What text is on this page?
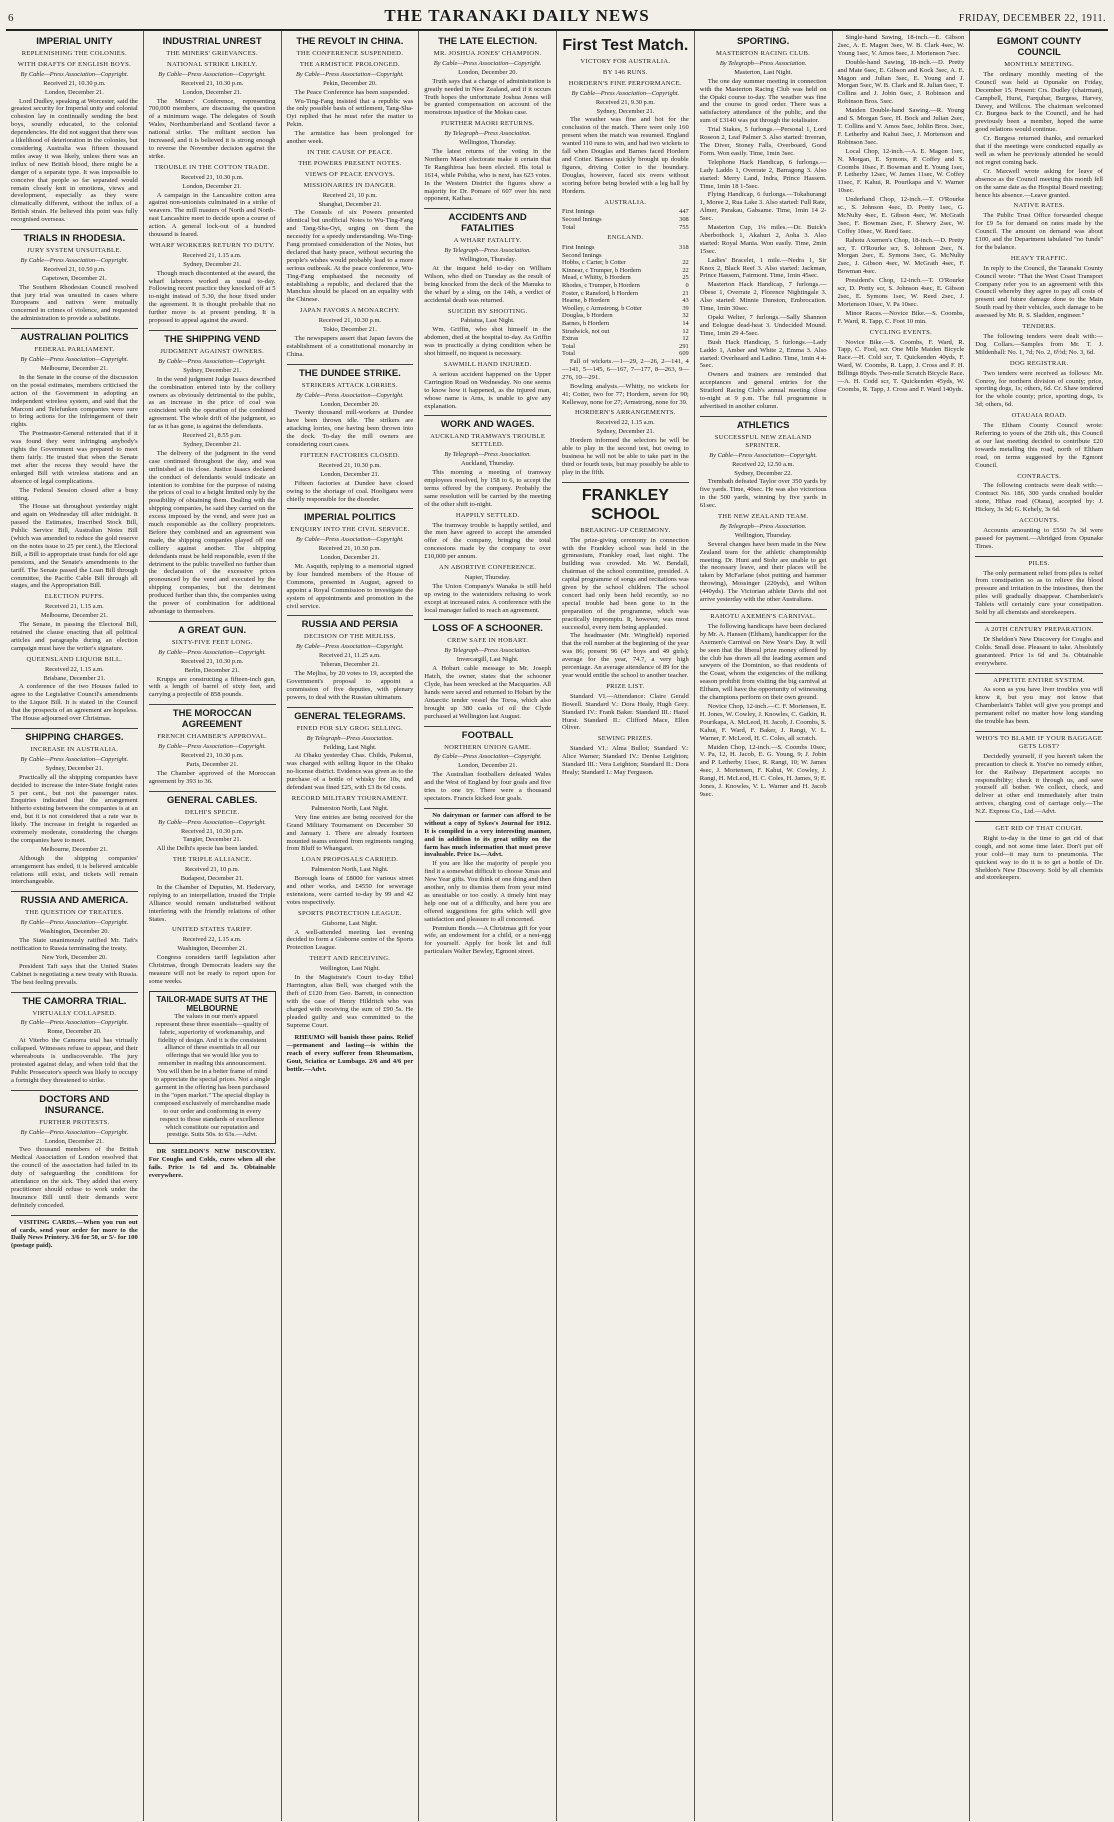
6	THE TARANAKI DAILY NEWS	FRIDAY, DECEMBER 22, 1911.
IMPERIAL UNITY
REPLENISHING THE COLONIES.
WITH DRAFTS OF ENGLISH BOYS.
By Cable—Press Association—Copyright.
Received 21, 10.30 p.m.
London, December 21.

Lord Dudley, speaking at Worcester, said the greatest security for Imperial unity and colonial cohesion lay in continually sending the best boys, soundly educated, to the colonial dependencies. He did not suggest that there was a likelihood of deterioration in the colonies, but considering Australia was fifteen thousand miles away it was likely, unless there was an influx of new British blood, there might be a danger of a separate type. It was impossible to conceive that people so far separated would remain closely knit in emotions, views and development, especially as they were climatically different, without the influx of a British strain. He believed this point was fully recognised overseas.

TRIALS IN RHODESIA.
JURY SYSTEM UNSUITABLE.
By Cable—Press Association—Copyright.
Received 21, 10.50 p.m.
Capetown, December 21.

The Southern Rhodesian Council resolved that jury trial was unsuited in cases where Europeans and natives were mutually concerned in crimes of violence, and requested the administration to provide a substitute.

AUSTRALIAN POLITICS
FEDERAL PARLIAMENT.
By Cable—Press Association—Copyright.
Melbourne, December 21.

In the Senate in the course of the discussion on the postal estimates, members criticised the action of the Government in adopting an independent wireless system, and said that the Marconi and Telefunken companies were sure to bring actions for the infringement of their rights.

The Postmaster-General reiterated that if it was found they were infringing anybody's rights the Government was prepared to meet them fairly. He trusted that when the Senate met after the recess they would have the enlarged Bill with wireless stations and an absence of legal complications.

The Federal Session closed after a busy sitting.

The House sat throughout yesterday night and again on Wednesday till after midnight. It passed the Estimates, Inscribed Stock Bill, Public Service Bill, Australian Notes Bill (which was amended to reduce the gold reserve on the notes issue to 25 per cent.), the Electoral Bill, a Bill to appropriate trust funds for old age pensions, and the Senate's amendments to the tariff. The Senate passed the Loan Bill through committee, the Pacific Cable Bill through all stages, and the Appropriation Bill.

ELECTION PUFFS.
Received 21, 1.15 a.m.
Melbourne, December 21.

The Senate, in passing the Electoral Bill, retained the clause enacting that all political articles and paragraphs during an election campaign must have the writer's signature.

QUEENSLAND LIQUOR BILL.
Received 22, 1.15 a.m.
Brisbane, December 21.

A conference of the two Houses failed to agree to the Legislative Council's amendments to the Liquor Bill. It is stated in the Council that the prospects of an agreement are hopeless. The House adjourned over Christmas.

SHIPPING CHARGES.
INCREASE IN AUSTRALIA.
By Cable—Press Association—Copyright.
Sydney, December 21.

Practically all the shipping companies have decided to increase the inter-State freight rates 5 per cent., but not the passenger rates. Enquiries indicated that the arrangement hitherto existing between the companies is at an end, but it is not considered that a rate war is likely. The increase in freight is regarded as extremely moderate, considering the charges the companies have to meet.

Melbourne, December 21.

Although the shipping companies' arrangement has ended, it is believed amicable relations still exist, and tickets will remain interchangeable.

RUSSIA AND AMERICA.
THE QUESTION OF TREATIES.
By Cable—Press Association—Copyright.
Washington, December 20.

The State unanimously ratified Mr. Taft's notification to Russia terminating the treaty.

New York, December 20.

President Taft says that the United States Cabinet is negotiating a new treaty with Russia. The best feeling prevails.

THE CAMORRA TRIAL.
VIRTUALLY COLLAPSED.
By Cable—Press Association—Copyright.
Rome, December 20.

At Viterbo the Camorra trial has virtually collapsed. Witnesses refuse to appear, and their whereabouts is undiscoverable. The jury protested against delay, and when told that the Public Prosecutor's speech was likely to occupy a fortnight they threatened to strike.

DOCTORS AND INSURANCE.
FURTHER PROTESTS.
By Cable—Press Association—Copyright.
London, December 21.

Two thousand members of the British Medical Association of London resolved that the council of the association had failed in its duty of safeguarding the conditions for attendance on the sick. They added that every practitioner should refuse to work under the Insurance Bill until their demands were definitely conceded.

VISITING CARDS.—When you run out of cards, send your order for more to the Daily News Printery. 3/6 for 50, or 5/- for 100 (postage paid).

INDUSTRIAL UNREST
THE MINERS' GRIEVANCES.
NATIONAL STRIKE LIKELY.
By Cable—Press Association—Copyright.
Received 21, 10.30 p.m.
London, December 21.

The Miners' Conference, representing 700,000 members, are discussing the question of a minimum wage. The delegates of South Wales, Northumberland and Scotland favor a national strike. The militant section has increased, and it is believed it is strong enough to reverse the November decision against the strike.

TROUBLE IN THE COTTON TRADE.
Received 21, 10.30 p.m.
London, December 21.

A campaign in the Lancashire cotton area against non-unionists culminated in a strike of weavers. The mill masters of North and North-east Lancashire meet to decide upon a course of action. A general lock-out of a hundred thousand is feared.

WHARF WORKERS RETURN TO DUTY.
Received 21, 1.15 a.m.
Sydney, December 21.

Though much discontented at the award, the wharf laborers worked as usual to-day. Following recent practice they knocked off at 5 to-night instead of 5.30, the hour fixed under the agreement. It is thought probable that no further move is at present pending. It is proposed to appeal against the award.

THE SHIPPING VEND
JUDGMENT AGAINST OWNERS.
By Cable—Press Association—Copyright.
Sydney, December 21.

In the vend judgment Judge Isaacs described the combination entered into by the colliery owners as obviously detrimental to the public, as an increase in the price of coal was coincident with the operation of the combined agreement. The whole drift of the judgment, so far as it has gone, is against the defendants.

Received 21, 8.55 p.m.
Sydney, December 21.

The delivery of the judgment in the vend case continued throughout the day, and was unfinished at its close. Justice Isaacs declared the conduct of defendants would indicate an intention to combine for the purpose of raising the prices of coal to a height limited only by the possibility of obtaining them. Dealing with the shipping companies, he said they carried on the excess imposed by the vend, and were just as much responsible as the colliery proprietors. Before they combined and an agreement was made, the shipping companies played off one colliery against another. The shipping defendants must be held responsible, even if the detriment to the public travelled no further than the declaration of the excessive prices pronounced by the vend and executed by the shipping companies, but the detriment produced further than this, the companies using the power of combination for additional advantage to themselves.

A GREAT GUN.
SIXTY-FIVE FEET LONG.
By Cable—Press Association—Copyright.
Received 21, 10.30 p.m.
Berlin, December 21.

Krupps are constructing a fifteen-inch gun, with a length of barrel of sixty feet, and carrying a projectile of 858 pounds.

THE MOROCCAN AGREEMENT
FRENCH CHAMBER'S APPROVAL.
By Cable—Press Association—Copyright.
Received 21, 10.30 p.m.
Paris, December 21.

The Chamber approved of the Moroccan agreement by 393 to 36.

GENERAL CABLES.
DELHI'S SPECIE.
By Cable—Press Association—Copyright.
Received 21, 10.30 p.m.
Tangier, December 21.

All the Delhi's specie has been landed.

THE TRIPLE ALLIANCE.
Received 21, 10 p.m.
Budapest, December 21.

In the Chamber of Deputies, M. Hedervary, replying to an interpellation, trusted the Triple Alliance would remain undisturbed without interfering with the friendly relations of other States.

UNITED STATES TARIFF.
Received 22, 1.15 a.m.
Washington, December 21.

Congress considers tariff legislation after Christmas, though Democrats leaders say the measure will not be ready to report upon for some weeks.

TAILOR-MADE SUITS AT THE MELBOURNE

The values in our men's apparel represent these three essentials—quality of fabric, superiority of workmanship, and fidelity of design. And it is the consistent alliance of these essentials in all our offerings that we would like you to remember in reading this announcement. You will then be in a better frame of mind to appreciate the special prices. Not a single garment in the offering has been purchased in the "open market." The special display is composed exclusively of merchandise made to our order and conforming in every respect to those standards of excellence which constitute our reputation and prestige. Suits 50s. to 63s.—Advt.

DR SHELDON'S NEW DISCOVERY. For Coughs and Colds, cures when all else fails. Price 1s 6d and 3s. Obtainable everywhere.

THE REVOLT IN CHINA.
THE CONFERENCE SUSPENDED.
THE ARMISTICE PROLONGED.
By Cable—Press Association—Copyright.
Pekin, December 20.

The Peace Conference has been suspended.

Wu-Ting-Fang insisted that a republic was the only possible basis of settlement, Tang-Sha-Oyi replied that he must refer the matter to Pekin.

The armistice has been prolonged for another week.

IN THE CAUSE OF PEACE.
THE POWERS PRESENT NOTES.
VIEWS OF PEACE ENVOYS.
MISSIONARIES IN DANGER.
Received 21, 10 p.m.
Shanghai, December 21.

The Consuls of six Powers presented identical but unofficial Notes to Wu-Ting-Fang and Tang-Sha-Oyi, urging on them the necessity for a speedy understanding. Wu-Ting-Fang promised consideration of the Notes, but declared that hasty peace, without securing the people's wishes would probably lead to a more serious outbreak. At the peace conference, Wu-Ting-Fang emphasised the necessity of establishing a republic, and declared that the Manchus should be placed on an equality with the Chinese.

JAPAN FAVORS A MONARCHY.
Received 21, 10.30 p.m.
Tokio, December 21.

The newspapers assert that Japan favors the establishment of a constitutional monarchy in China.

THE DUNDEE STRIKE.
STRIKERS ATTACK LORRIES.
By Cable—Press Association—Copyright.
London, December 20.

Twenty thousand mill-workers at Dundee have been thrown idle. The strikers are attacking lorries, one having been thrown into the dock. To-day the mill owners are considering court cases.

FIFTEEN FACTORIES CLOSED.
Received 21, 10.30 p.m.
London, December 21.

Fifteen factories at Dundee have closed owing to the shortage of coal. Hooligans were chiefly responsible for the disorder.

IMPERIAL POLITICS
ENQUIRY INTO THE CIVIL SERVICE.
By Cable—Press Association—Copyright.
Received 21, 10.30 p.m.
London, December 21.

Mr. Asquith, replying to a memorial signed by four hundred members of the House of Commons, presented in August, agreed to appoint a Royal Commission to investigate the system of appointments and promotion in the civil service.

RUSSIA AND PERSIA
DECISION OF THE MEJLISS.
By Cable—Press Association—Copyright.
Received 21, 11.25 a.m.
Teheran, December 21.

The Mejliss, by 20 votes to 19, accepted the Government's proposal to appoint a commission of five deputies, with plenary powers, to deal with the Russian ultimatum.

GENERAL TELEGRAMS.
FINED FOR SLY GROG SELLING.
By Telegraph—Press Association.
Feilding, Last Night.

At Ohaku yesterday Chas. Childs, Pukenui, was charged with selling liquor in the Ohaku no-license district. Evidence was given as to the purchase of a bottle of whisky for 10s, and defendant was fined £25, with £3 8s 6d costs.

RECORD MILITARY TOURNAMENT.
Palmerston North, Last Night.

Very fine entries are being received for the Grand Military Tournament on December 30 and January 1. There are already fourteen mounted teams entered from regiments ranging from Bluff to Whangarei.

LOAN PROPOSALS CARRIED.
Palmerston North, Last Night.

Borough loans of £8000 for various street and other works, and £4550 for sewerage extensions, were carried to-day by 99 and 42 votes respectively.

SPORTS PROTECTION LEAGUE.
Gisborne, Last Night.

A well-attended meeting last evening decided to form a Gisborne centre of the Sports Protection League.

THEFT AND RECEIVING.
Wellington, Last Night.

In the Magistrate's Court to-day Ethel Harrington, alias Bell, was charged with the theft of £120 from Geo. Barrett, in connection with the case of Henry Hildritch who was charged with receiving the sum of £90 5s. He pleaded guilty and was committed to the Supreme Court.

RHEUMO will banish those pains. Relief—permanent and lasting—is within the reach of every sufferer from Rheumatism, Gout, Sciatica or Lumbago. 2/6 and 4/6 per bottle.—Advt.

THE LATE ELECTION.
MR. JOSHUA JONES' CHAMPION.
By Cable—Press Association—Copyright.
London, December 20.

Truth says that a change of administration is greatly needed in New Zealand, and if it occurs Truth hopes the unfortunate Joshua Jones will be granted compensation on account of the monstrous injustice of the Mokau case.

FURTHER MAORI RETURNS.
By Telegraph—Press Association.
Wellington, Thursday.

The latest returns of the voting in the Northern Maori electorate make it certain that Te Rangihiroa has been elected. His total is 1614, while Pohiha, who is next, has 623 votes. In the Western District the figures show a majority for Dr. Pomare of 607 over his next opponent, Kaihau.

ACCIDENTS AND FATALITIES
A WHARF FATALITY.
By Telegraph—Press Association.
Wellington, Thursday.

At the inquest held to-day on William Wilson, who died on Tuesday as the result of being knocked from the deck of the Manuka to the wharf by a sling, on the 14th, a verdict of accidental death was returned.

SUICIDE BY SHOOTING.
Pahiatua, Last Night.

Wm. Griffin, who shot himself in the abdomen, died at the hospital to-day. As Griffin was in practically a dying condition when he shot himself, no inquest is necessary.

SAWMILL HAND INJURED.

A serious accident happened on the Upper Carrington Road on Wednesday. No one seems to know how it happened, as the injured man, whose name is Arns, is unable to give any explanation.

WORK AND WAGES.
AUCKLAND TRAMWAYS TROUBLE SETTLED.
By Telegraph—Press Association.
Auckland, Thursday.

This morning a meeting of tramway employees resolved, by 158 to 6, to accept the terms offered by the company. Probably the same resolution will be carried by the meeting of the other shift to-night.

HAPPILY SETTLED.

The tramway trouble is happily settled, and the men have agreed to accept the amended offer of the company, bringing the total concessions made by the company to over £10,000 per annum.

AN ABORTIVE CONFERENCE.
Napier, Thursday.

The Union Company's Wanaka is still held up owing to the watersiders refusing to work except at increased rates. A conference with the local manager failed to reach an agreement.

LOSS OF A SCHOONER.
CREW SAFE IN HOBART.
By Telegraph—Press Association.
Invercargill, Last Night.

A Hobart cable message to Mr. Joseph Hatch, the owner, states that the schooner Clyde, has been wrecked at the Macquaries. All hands were saved and returned to Hobart by the Antarctic tender vessel the Toroa, which also brought up 380 casks of oil the Clyde purchased at Wellington last August.

FOOTBALL
NORTHERN UNION GAME.
By Cable—Press Association—Copyright.
London, December 21.

The Australian footballers defeated Wales and the West of England by four goals and five tries to one try. There were a thousand spectators. Francis kicked four goals.

No dairyman or farmer can afford to be without a copy of Sykes's Journal for 1912. It is compiled in a very interesting manner, and in addition to its great utility on the farm has much information that must prove invaluable. Price 1s.—Advt.

If you are like the majority of people you find it a somewhat difficult to choose Xmas and New Year gifts. You think of one thing and then another, only to dismiss them from your mind as unsuitable or too costly. A timely hint may help one out of a difficulty, and here you are offered suggestions for gifts which will give satisfaction and pleasure to all concerned.

Premium Bonds.—A Christmas gift for your wife, an endowment for a child, or a nest-egg for yourself. Apply for book let and full particulars Walter Bewley, Egmont street.

First Test Match.
VICTORY FOR AUSTRALIA.
BY 146 RUNS.
HORDERN'S FINE PERFORMANCE.
By Cable—Press Association—Copyright.
Received 21, 9.30 p.m.
Sydney, December 21.

The weather was fine and hot for the conclusion of the match. There were only 160 present when the match was resumed. England wanted 110 runs to win, and had two wickets to fall when Douglas and Barnes faced Hordern and Cotter. Barnes quickly brought up double figures, driving Cotter to the boundary. Douglas, however, faced six overs without scoring before being bowled with a leg ball by Hordern.

AUSTRALIA.
First Innings	447
Second Innings	308
Total	755
ENGLAND.
First Innings	318
Second Innings
Hobbs, c Carter, b Cotter	22
Kinnear, c Trumper, b Hordern	22
Mead, c Whitty, b Hordern	25
Rhodes, c Trumper, b Hordern	0
Foster, c Ransford, b Hordern	21
Hearne, b Hordern	43
Woolley, c Armstrong, b Cotter	39
Douglas, b Hordern	32
Barnes, b Hordern	14
Strudwick, not out	12
Extras	12
Total	291
Total	609

Fall of wickets.—1—29, 2—26, 2—141, 4—141, 5—145, 6—167, 7—177, 8—263, 9—276, 10—291.

Bowling analysis.—Whitty, no wickets for 41; Cotter, two for 77; Hordern, seven for 90; Kelleway, none for 27; Armstrong, none for 39.

HORDERN'S ARRANGEMENTS.
Received 22, 1.15 a.m.
Sydney, December 21.

Hordern informed the selectors he will be able to play in the second test, but owing to business he will not be able to take part in the third or fourth tests, but may possibly be able to play in the fifth.

FRANKLEY SCHOOL
BREAKING-UP CEREMONY.

The prize-giving ceremony in connection with the Frankley school was held in the gymnasium, Frankley road, last night. The building was crowded. Mr. W. Bendall, chairman of the school committee, presided. A capital programme of songs and recitations was given by the school children. The school concert had only been held recently, so no special trouble had been gone to in the preparation of the programme, which was practically impromptu. It, however, was most successful, every item being applauded.

The headmaster (Mr. Wingfield) reported that the roll number at the beginning of the year was 86; present 96 (47 boys and 49 girls); average for the year, 74.7, a very high percentage. An average attendance of 89 for the year would entitle the school to another teacher.

PRIZE LIST.

Standard VI.—Attendance: Claire Gerald Bowell. Standard V.: Dora Healy, Hugh Grey. Standard IV.: Frank Baker. Standard III.: Hazel Hurst. Standard II.: Clifford Mace, Ellen Oliver.

SEWING PRIZES.

Standard VI.: Alma Bullot; Standard V.: Alice Warner; Standard IV.: Denise Leighton; Standard III.: Vera Leighton; Standard II.: Dora Healy; Standard I.: May Ferguson.

SPORTING.
MASTERTON RACING CLUB.
By Telegraph—Press Association.
Masterton, Last Night.

The one day summer meeting in connection with the Masterton Racing Club was held on the Opaki course to-day. The weather was fine and the course in good order. There was a satisfactory attendance of the public, and the sum of £3140 was put through the totalisator.

Trial Stakes, 5 furlongs.—Personal 1, Lord Roseon 2, Leaf Palmer 3. Also started: Inveran, The Diver, Stoney Falls, Overboard, Good Form. Won easily. Time, 1min 3sec.

Telephone Hack Handicap, 6 furlongs.—Lady Laddo 1, Overrate 2, Barragong 3. Also started: Merry Land, Indra, Prince Hassem. Time, 1min 18 1-5sec.

Flying Handicap, 6 furlongs.—Tokahurangi 1, Moree 2, Rua Lake 3. Also started: Full Rate, Almer, Parakau, Gabsame. Time, 1min 14 2-5sec.

Masterton Cup, 1¼ miles.—Dr. Buick's Aberbothock 1, Akahuri 2, Aoha 3. Also started: Royal Mania. Won easily. Time, 2min 15sec.

Ladies' Bracelet, 1 mile.—Nedra 1, Sir Knox 2, Black Reef 3. Also started: Jackman, Prince Hassem, Fairmont. Time, 1min 45sec.

Masterton Hack Handicap, 7 furlongs.—Obese 1, Overrate 2, Florence Nightingale 3. Also started: Minnie Dunston, Embrocation. Time, 1min 30sec.

Opaki Welter, 7 furlongs.—Sally Shannon and Eelogue dead-heat 3. Undecided Mound. Time, 1min 29 4-5sec.

Bush Hack Handicap, 5 furlongs.—Lady Laddo 1, Amber and White 2, Emma 3. Also started: Overheard and Ladino. Time, 1min 4 4-5sec.

Owners and trainers are reminded that acceptances and general entries for the Stratford Racing Club's annual meeting close to-night at 9 p.m. The full programme is advertised in another column.

ATHLETICS
SUCCESSFUL NEW ZEALAND SPRINTER.
By Cable—Press Association—Copyright.
Received 22, 12.50 a.m.
Sydney, December 22.

Trembath defeated Taylor over 350 yards by five yards. Time, 40sec. He was also victorious in the 500 yards, winning by five yards in 61sec.

THE NEW ZEALAND TEAM.
By Telegraph—Press Association.
Wellington, Thursday.

Several changes have been made in the New Zealand team for the athletic championship meeting. Dr. Hunt and Stohr are unable to get the necessary leave, and their places will be taken by McFarlane (shot putting and hammer throwing), Mossinger (220yds), and Wilton (440yds). The Victorian athlete Davis did not arrive yesterday with the other Australians.

RAHOTU AXEMEN'S CARNIVAL.

The following handicaps have been declared by Mr. A. Hansen (Eltham), handicapper for the Axemen's Carnival on New Year's Day. It will be seen that the liberal prize money offered by the club has drawn all the leading axemen and sawyers of the Dominion, so that residents of the Coast, whom the exigencies of the milking season prohibit from visiting the big carnival at Eltham, will have the opportunity of witnessing the champions perform on their own ground.

Novice Chop, 12-inch.—C. F. Mortensen, E. H. Jones, W. Cowley, J. Knowles, C. Gatkin, R. Pourikapa, A. McLeod, H. Jacob, J. Coombs, S. Kahui, F. Ward, F. Baker, J. Rangi, V. L. Warner, F. McLeod, H. C. Coles, all scratch.

Maiden Chop, 12-inch.—S. Coombs 10sec, V. Pa, 12, H. Jacob, E. G. Young, 9; J. Jobin and P. Letherby 11sec, R. Rangi, 10; W. James 4sec, J. Mortensen, F. Kahui, W. Cowley, J. Rangi, H. McLeod, H. C. Coles, H. James, 9; E. Jones, J. Knowles, V. L. Warner and H. Jacob 9sec.

Single-hand Sawing, 18-inch.—E. Gibson 2sec, A. E. Magon 3sec, W. B. Clark 4sec, W. Young 1sec, V. Amos 6sec, J. Mortenson 7sec.

Double-hand Sawing, 18-inch.—D. Pretty and Mate 6sec, E. Gibson and Kock 3sec, A. E. Magon and Julian 3sec, E. Young and J. Morgan 5sec, W. B. Clark and R. Julian 6sec, T. Collins and J. Jobin 6sec, J. Robinson and Robinson Bros. 5sec.

Maiden Double-hand Sawing.—R. Young and S. Morgan 5sec, H. Bock and Julian 2sec, T. Collins and V. Amos 5sec, Johlin Bros. 3sec, F. Letherby and Kahui 3sec, J. Mortenson and Robinson 3sec.

Local Chop, 12-inch.—A. E. Magon 1sec, N. Morgan, E. Symons, P. Coffey and S. Coombs 10sec, F. Bowman and E. Young 1sec, P. Letherby 12sec, W. James 11sec, W. Coffey 11sec, F. Kahui, R. Pourikapa and V. Warner 10sec.

Underhand Chop, 12-inch.—T. O'Rourke sc., S. Johnson 4sec, D. Pretty 1sec, G. McNulty 4sec, E. Gibson 4sec, W. McGrath 3sec, F. Bowman 2sec, F. Shewry 2sec, W. Coffey 10sec, W. Reed 6sec.

Rahotu Axemen's Chop, 18-inch.—D. Pretty scr, T. O'Rourke scr, S. Johnson 2sec, N. Morgan 2sec, E. Symons 3sec, G. McNulty 2sec, J. Gibson 4sec, W. McGrath 4sec, F. Bowman 4sec.

President's Chop, 12-inch.—T. O'Rourke scr, D. Pretty scr, S. Johnson 4sec, E. Gibson 2sec, E. Symons 1sec, W. Reed 2sec, J. Mortenson 10sec, V. Pa 10sec.

Minor Races.—Novice Bike.—S. Coombs, F. Ward, R. Tapp, C. Foot 10 min.

CYCLING EVENTS.

Novice Bike.—S. Coombs, F. Ward, R. Tapp, C. Fool, scr. One Mile Maiden Bicycle Race.—H. Cold scr, T. Quickenden 40yds, F. Ward, W. Coombs, R. Lapp, J. Cross and F. H. Billings 80yds. Two-mile Scratch Bicycle Race.—A. H. Codd scr, T. Quickenden 45yds, W. Coombs, R. Tapp, J. Cross and F. Ward 140yds.

EGMONT COUNTY COUNCIL
MONTHLY MEETING.

The ordinary monthly meeting of the Council was held at Opunake on Friday, December 15. Present: Crs. Dudley (chairman), Campbell, Hurst, Farquhar, Burgess, Harvey, Davey, and Willcox. The chairman welcomed Cr. Burgess back to the Council, and he had previously been a member, hoped the same good relations would continue.

Cr. Burgess returned thanks, and remarked that if the meetings were conducted equally as well as when he previously attended he would not regret coming back.

Cr. Maxwell wrote asking for leave of absence as the Council meeting this month fell on the same date as the Hospital Board meeting; hence his absence.—Leave granted.

NATIVE RATES.

The Public Trust Office forwarded cheque for £9 5s for demand on rates made by the Council. The amount on demand was about £100, and the Department tabulated "no funds" for the balance.

HEAVY TRAFFIC.

In reply to the Council, the Taranaki County Council wrote: "That the West Coast Transport Company refer you to an agreement with this Council whereby they agree to pay all costs of present and future damage done to the Main South road by their vehicles, such damage to be assessed by Mr. R. S. Sladden, engineer."

TENDERS.

The following tenders were dealt with:—Dog Collars.—Samples from Mr. T. J. Mildenhall: No. 1, 7d; No. 2, 6½d; No. 3, 6d.

DOG REGISTRAR.

Two tenders were received as follows: Mr. Conroy, for northern division of county; price, sporting dogs, 1s; others, 6d. Cr. Shaw tendered for the whole county; price, sporting dogs, 1s 3d; others, 6d.

OTAUAIA ROAD.

The Eltham County Council wrote: Referring to yours of the 26th ult., this Council at our last meeting decided to contribute £20 towards metalling this road, north of Eltham road, on terms suggested by the Egmont Council.

CONTRACTS.

The following contracts were dealt with:—Contract No. 186, 300 yards crushed boulder stone, Hihau road (Otaua), accepted by: J. Hickey, 3s 3d; G. Kehely, 3s 6d.

ACCOUNTS.

Accounts amounting to £550 7s 3d were passed for payment.—Abridged from Opunake Times.

PILES.

The only permanent relief from piles is relief from constipation so as to relieve the blood pressure and irritation in the intestines, then the piles will gradually disappear. Chamberlain's Tablets will certainly cure your constipation. Sold by all chemists and storekeepers.

A 20TH CENTURY PREPARATION.

Dr Sheldon's New Discovery for Coughs and Colds. Small dose. Pleasant to take. Absolutely guaranteed. Price 1s 6d and 3s. Obtainable everywhere.

APPETITE ENTIRE SYSTEM.

As soon as you have liver troubles you will know it, but you may not know that Chamberlain's Tablet will give you prompt and permanent relief no matter how long standing the trouble has been.

WHO'S TO BLAME IF YOUR BAGGAGE GETS LOST?

Decidedly yourself, if you haven't taken the precaution to check it. You've no remedy either, for the Railway Department accepts no responsibility; check it through us, and save yourself all bother. We collect, check, and deliver at other end immediately after train arrives, charging cost of carriage only.—The N.Z. Express Co., Ltd.—Advt.

GET RID OF THAT COUGH.

Right to-day is the time to get rid of that cough, and not some time later. Don't put off your cold—it may turn to pneumonia. The quickest way to do it is to get a bottle of Dr. Sheldon's New Discovery. Sold by all chemists and storekeepers.
